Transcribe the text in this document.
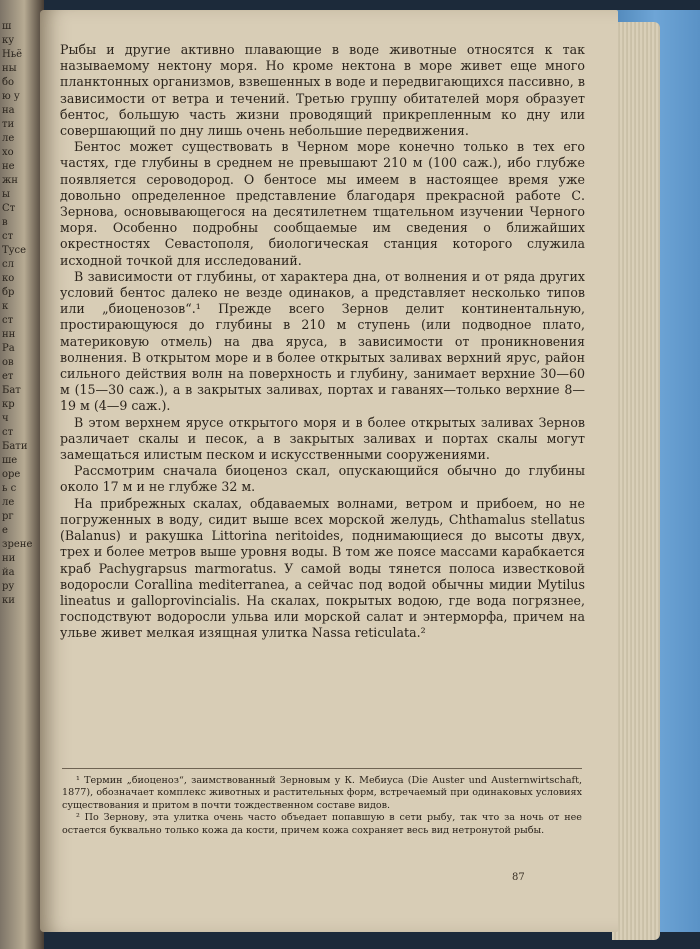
ш
ку
Ньё
ны
бо
ю у
на
ти
ле
хо
не
жн
ы
Ст
в
ст
Тусе
сл
ко
бр
к
ст
нн
Ра
ов
ет
Бат
кр
ч
ст
Бати
ше
оре
ь с
ле
рг
е
зрене
ни
йа
ру
ки

Рыбы и другие активно плавающие в воде животные относятся к так называемому нектону моря. Но кроме нектона в море живет еще много планктонных организмов, взвешенных в воде и передвигающихся пассивно, в зависимости от ветра и течений. Третью группу обитателей моря образует бентос, большую часть жизни проводящий прикрепленным ко дну или совершающий по дну лишь очень небольшие передвижения.

Бентос может существовать в Черном море конечно только в тех его частях, где глубины в среднем не превышают 210 м (100 саж.), ибо глубже появляется сероводород. О бентосе мы имеем в настоящее время уже довольно определенное представление благодаря прекрасной работе С. Зернова, основывающегося на десятилетнем тщательном изучении Черного моря. Особенно подробны сообщаемые им сведения о ближайших окрестностях Севастополя, биологическая станция которого служила исходной точкой для исследований.

В зависимости от глубины, от характера дна, от волнения и от ряда других условий бентос далеко не везде одинаков, а представляет несколько типов или „биоценозов“.¹ Прежде всего Зернов делит континентальную, простирающуюся до глубины в 210 м ступень (или подводное плато, материковую отмель) на два яруса, в зависимости от проникновения волнения. В открытом море и в более открытых заливах верхний ярус, район сильного действия волн на поверхность и глубину, занимает верхние 30—60 м (15—30 саж.), а в закрытых заливах, портах и гаванях—только верхние 8—19 м (4—9 саж.).

В этом верхнем ярусе открытого моря и в более открытых заливах Зернов различает скалы и песок, а в закрытых заливах и портах скалы могут замещаться илистым песком и искусственными сооружениями.

Рассмотрим сначала биоценоз скал, опускающийся обычно до глубины около 17 м и не глубже 32 м.

На прибрежных скалах, обдаваемых волнами, ветром и прибоем, но не погруженных в воду, сидит выше всех морской желудь, Chthamalus stellatus (Balanus) и ракушка Littorina neritoides, поднимающиеся до высоты двух, трех и более метров выше уровня воды. В том же поясе массами карабкается краб Pachygrapsus marmoratus. У самой воды тянется полоса известковой водоросли Corallina mediterranea, а сейчас под водой обычны мидии Mytilus lineatus и galloprovincialis. На скалах, покрытых водою, где вода погрязнее, господствуют водоросли ульва или морской салат и энтерморфа, причем на ульве живет мелкая изящная улитка Nassa reticulata.²

¹ Термин „биоценоз“, заимствованный Зерновым у К. Мебиуса (Die Auster und Austernwirtschaft, 1877), обозначает комплекс животных и растительных форм, встречаемый при одинаковых условиях существования и притом в почти тождественном составе видов.

² По Зернову, эта улитка очень часто объедает попавшую в сети рыбу, так что за ночь от нее остается буквально только кожа да кости, причем кожа сохраняет весь вид нетронутой рыбы.

87
